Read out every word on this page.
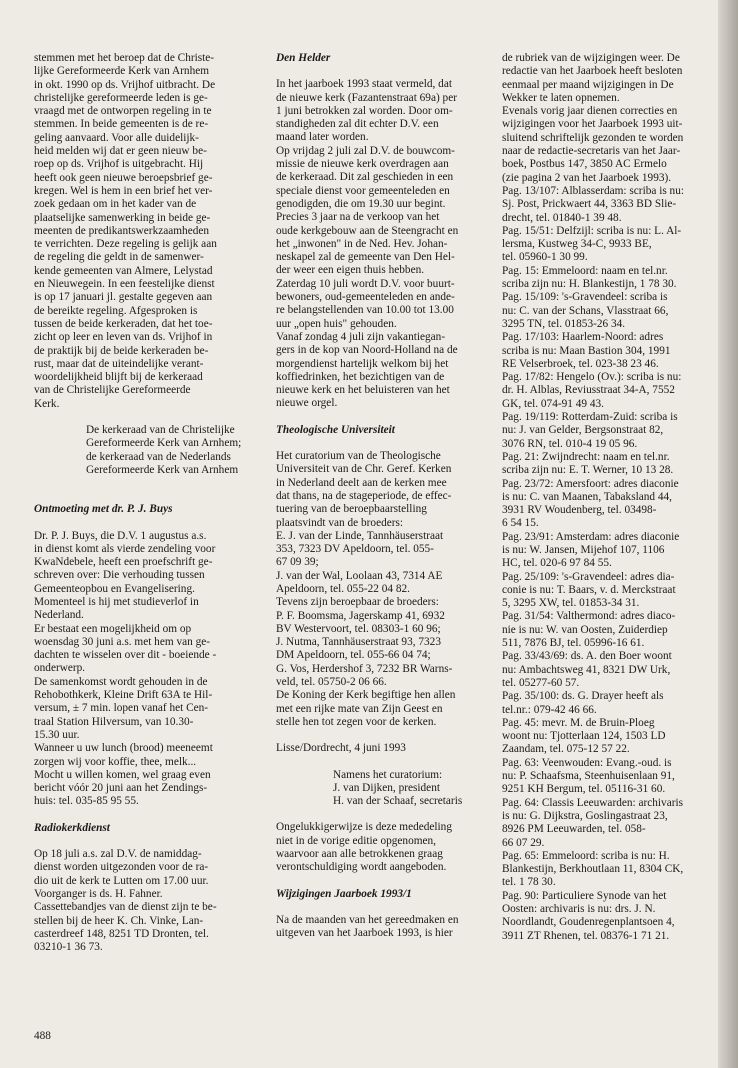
stemmen met het beroep dat de Christe-
lijke Gereformeerde Kerk van Arnhem
in okt. 1990 op ds. Vrijhof uitbracht. De
christelijke gereformeerde leden is ge-
vraagd met de ontworpen regeling in te
stemmen. In beide gemeenten is de re-
geling aanvaard. Voor alle duidelijk-
heid melden wij dat er geen nieuw be-
roep op ds. Vrijhof is uitgebracht. Hij
heeft ook geen nieuwe beroepsbrief ge-
kregen. Wel is hem in een brief het ver-
zoek gedaan om in het kader van de
plaatselijke samenwerking in beide ge-
meenten de predikantswerkzaamheden
te verrichten. Deze regeling is gelijk aan
de regeling die geldt in de samenwer-
kende gemeenten van Almere, Lelystad
en Nieuwegein. In een feestelijke dienst
is op 17 januari jl. gestalte gegeven aan
de bereikte regeling. Afgesproken is
tussen de beide kerkeraden, dat het toe-
zicht op leer en leven van ds. Vrijhof in
de praktijk bij de beide kerkeraden be-
rust, maar dat de uiteindelijke verant-
woordelijkheid blijft bij de kerkeraad
van de Christelijke Gereformeerde
Kerk.

De kerkeraad van de Christelijke
Gereformeerde Kerk van Arnhem;
de kerkeraad van de Nederlands
Gereformeerde Kerk van Arnhem

Ontmoeting met dr. P. J. Buys

Dr. P. J. Buys, die D.V. 1 augustus a.s.
in dienst komt als vierde zendeling voor
KwaNdebele, heeft een proefschrift ge-
schreven over: Die verhouding tussen
Gemeenteopbou en Evangelisering.
Momenteel is hij met studieverlof in
Nederland.
Er bestaat een mogelijkheid om op
woensdag 30 juni a.s. met hem van ge-
dachten te wisselen over dit - boeiende -
onderwerp.
De samenkomst wordt gehouden in de
Rehobothkerk, Kleine Drift 63A te Hil-
versum, ± 7 min. lopen vanaf het Cen-
traal Station Hilversum, van 10.30-
15.30 uur.
Wanneer u uw lunch (brood) meeneemt
zorgen wij voor koffie, thee, melk...
Mocht u willen komen, wel graag even
bericht vóór 20 juni aan het Zendings-
huis: tel. 035-85 95 55.

Radiokerkdienst

Op 18 juli a.s. zal D.V. de namiddag-
dienst worden uitgezonden voor de ra-
dio uit de kerk te Lutten om 17.00 uur.
Voorganger is ds. H. Fahner.
Cassettebandjes van de dienst zijn te be-
stellen bij de heer K. Ch. Vinke, Lan-
casterdreef 148, 8251 TD Dronten, tel.
03210-1 36 73.

Den Helder

In het jaarboek 1993 staat vermeld, dat
de nieuwe kerk (Fazantenstraat 69a) per
1 juni betrokken zal worden. Door om-
standigheden zal dit echter D.V. een
maand later worden.
Op vrijdag 2 juli zal D.V. de bouwcom-
missie de nieuwe kerk overdragen aan
de kerkeraad. Dit zal geschieden in een
speciale dienst voor gemeenteleden en
genodigden, die om 19.30 uur begint.
Precies 3 jaar na de verkoop van het
oude kerkgebouw aan de Steengracht en
het „inwonen" in de Ned. Hev. Johan-
neskapel zal de gemeente van Den Hel-
der weer een eigen thuis hebben.
Zaterdag 10 juli wordt D.V. voor buurt-
bewoners, oud-gemeenteleden en ande-
re belangstellenden van 10.00 tot 13.00
uur „open huis" gehouden.
Vanaf zondag 4 juli zijn vakantiegan-
gers in de kop van Noord-Holland na de
morgendienst hartelijk welkom bij het
koffiedrinken, het bezichtigen van de
nieuwe kerk en het beluisteren van het
nieuwe orgel.

Theologische Universiteit

Het curatorium van de Theologische
Universiteit van de Chr. Geref. Kerken
in Nederland deelt aan de kerken mee
dat thans, na de stageperiode, de effec-
tuering van de beroepbaarstelling
plaatsvindt van de broeders:
E. J. van der Linde, Tannhäuserstraat
353, 7323 DV Apeldoorn, tel. 055-
67 09 39;
J. van der Wal, Loolaan 43, 7314 AE
Apeldoorn, tel. 055-22 04 82.
Tevens zijn beroepbaar de broeders:
P. F. Boomsma, Jagerskamp 41, 6932
BV Westervoort, tel. 08303-1 60 96;
J. Nutma, Tannhäuserstraat 93, 7323
DM Apeldoorn, tel. 055-66 04 74;
G. Vos, Herdershof 3, 7232 BR Warns-
veld, tel. 05750-2 06 66.
De Koning der Kerk begiftige hen allen
met een rijke mate van Zijn Geest en
stelle hen tot zegen voor de kerken.

Lisse/Dordrecht, 4 juni 1993

Namens het curatorium:
J. van Dijken, president
H. van der Schaaf, secretaris

Ongelukkigerwijze is deze mededeling
niet in de vorige editie opgenomen,
waarvoor aan alle betrokkenen graag
verontschuldiging wordt aangeboden.

Wijzigingen Jaarboek 1993/1

Na de maanden van het gereedmaken en
uitgeven van het Jaarboek 1993, is hier

de rubriek van de wijzigingen weer. De
redactie van het Jaarboek heeft besloten
eenmaal per maand wijzigingen in De
Wekker te laten opnemen.
Evenals vorig jaar dienen correcties en
wijzigingen voor het Jaarboek 1993 uit-
sluitend schriftelijk gezonden te worden
naar de redactie-secretaris van het Jaar-
boek, Postbus 147, 3850 AC Ermelo
(zie pagina 2 van het Jaarboek 1993).
Pag. 13/107: Alblasserdam: scriba is nu:
Sj. Post, Prickwaert 44, 3363 BD Slie-
drecht, tel. 01840-1 39 48.
Pag. 15/51: Delfzijl: scriba is nu: L. Al-
lersma, Kustweg 34-C, 9933 BE,
tel. 05960-1 30 99.
Pag. 15: Emmeloord: naam en tel.nr.
scriba zijn nu: H. Blankestijn, 1 78 30.
Pag. 15/109: 's-Gravendeel: scriba is
nu: C. van der Schans, Vlasstraat 66,
3295 TN, tel. 01853-26 34.
Pag. 17/103: Haarlem-Noord: adres
scriba is nu: Maan Bastion 304, 1991
RE Velserbroek, tel. 023-38 23 46.
Pag. 17/82: Hengelo (Ov.): scriba is nu:
dr. H. Alblas, Reviusstraat 34-A, 7552
GK, tel. 074-91 49 43.
Pag. 19/119: Rotterdam-Zuid: scriba is
nu: J. van Gelder, Bergsonstraat 82,
3076 RN, tel. 010-4 19 05 96.
Pag. 21: Zwijndrecht: naam en tel.nr.
scriba zijn nu: E. T. Werner, 10 13 28.
Pag. 23/72: Amersfoort: adres diaconie
is nu: C. van Maanen, Tabaksland 44,
3931 RV Woudenberg, tel. 03498-
6 54 15.
Pag. 23/91: Amsterdam: adres diaconie
is nu: W. Jansen, Mijehof 107, 1106
HC, tel. 020-6 97 84 55.
Pag. 25/109: 's-Gravendeel: adres dia-
conie is nu: T. Baars, v. d. Merckstraat
5, 3295 XW, tel. 01853-34 31.
Pag. 31/54: Valthermond: adres diaco-
nie is nu: W. van Oosten, Zuiderdiep
511, 7876 BJ, tel. 05996-16 61.
Pag. 33/43/69: ds. A. den Boer woont
nu: Ambachtsweg 41, 8321 DW Urk,
tel. 05277-60 57.
Pag. 35/100: ds. G. Drayer heeft als
tel.nr.: 079-42 46 66.
Pag. 45: mevr. M. de Bruin-Ploeg
woont nu: Tjotterlaan 124, 1503 LD
Zaandam, tel. 075-12 57 22.
Pag. 63: Veenwouden: Evang.-oud. is
nu: P. Schaafsma, Steenhuisenlaan 91,
9251 KH Bergum, tel. 05116-31 60.
Pag. 64: Classis Leeuwarden: archivaris
is nu: G. Dijkstra, Goslingastraat 23,
8926 PM Leeuwarden, tel. 058-
66 07 29.
Pag. 65: Emmeloord: scriba is nu: H.
Blankestijn, Berkhoutlaan 11, 8304 CK,
tel. 1 78 30.
Pag. 90: Particuliere Synode van het
Oosten: archivaris is nu: drs. J. N.
Noordlandt, Goudenregenplantsoen 4,
3911 ZT Rhenen, tel. 08376-1 71 21.

488
